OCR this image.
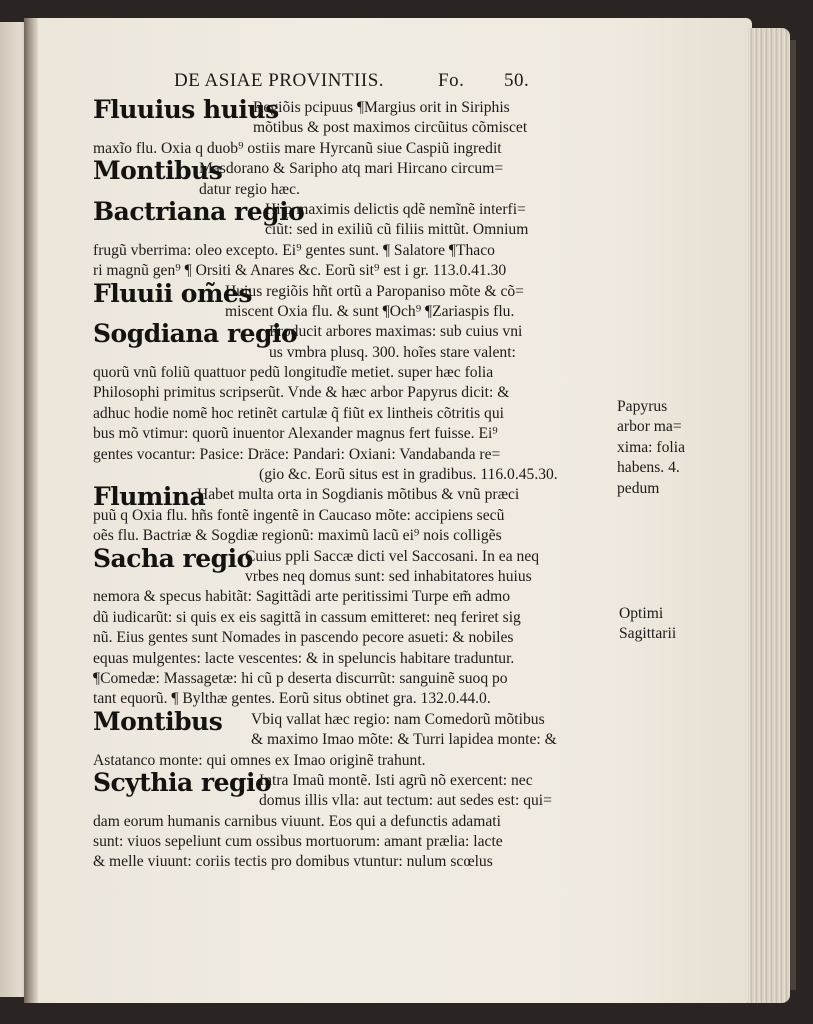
DE ASIAE PROVINTIIS.	Fo. 50.
Fluuius huius
Regiõis pcipuus ¶Margius orit in Siriphis
mõtibus & post maximos circũitus cõmiscet
maxĩo flu. Oxia q duob⁹ ostiis mare Hyrcanũ siue Caspiũ ingredit
Montibus
Masdorano & Sariphо atq mari Hircano circum=
datur regio hæc.
Bactriana regio
Hi p maximis delictis qdẽ nemĩnẽ interfi=
ciũt: sed in exiliũ cũ filiis mittũt. Omnium
frugũ vberrima: oleo excepto. Ei⁹ gentes sunt. ¶ Salatore ¶Thaco
ri magnũ gen⁹ ¶ Orsiti & Anares &c. Eorũ sit⁹ est i gr. 113.0.41.30
Fluuii om̃es
Huius regiõis hñt ortũ a Paropaniso mõte & cõ=
miscent Oxia flu. & sunt ¶Och⁹ ¶Zariaspis flu.
Sogdiana regio
Producit arbores maximas: sub cuius vni
us vmbra plusq. 300. hoĩes stare valent:
quorũ vnũ foliũ quattuor pedũ longitudĩe metiet. super hæc folia
Philosophi primitus scripserũt. Vnde & hæc arbor Papyrus dicit: &
adhuc hodie nomẽ hoc retinẽt cartulæ q̃ fiũt ex lintheis cõtritis qui
bus mõ vtimur: quorũ inuentor Alexander magnus fert fuisse. Ei⁹
gentes vocantur: Pasice: Dräce: Pandari: Oxiani: Vandabanda re=
(gio &c. Eorũ situs est in gradibus. 116.0.45.30.
Flumina
Habet multa orta in Sogdianis mõtibus & vnũ præci
puũ q Oxia flu. hñs fontẽ ingentẽ in Caucaso mõte: accipiens secũ
oẽs flu. Bactriæ & Sogdiæ regionũ: maximũ lacũ ei⁹ nois colligẽs
Sacha regio
Cuius ppli Saccæ dicti vel Saccosani. In ea neq
vrbes neq domus sunt: sed inhabitatores huius
nemora & specus habitãt: Sagittãdi arte peritissimi Turpe em̃ admo
dũ iudicarũt: si quis ex eis sagittã in cassum emitteret: neq feriret sig
nũ. Eius gentes sunt Nomades in pascendo pecore asueti: & nobiles
equas mulgentes: lacte vescentes: & in speluncis habitare traduntur.
¶Comedæ: Massagetæ: hi cũ p deserta discurrũt: sanguinẽ suoq po
tant equorũ. ¶ Bylthæ gentes. Eorũ situs obtinet gra. 132.0.44.0.
Montibus Vbiq vallat hæc regio: nam Comedorũ mõtibus
& maximo Imao mõte: & Turri lapidea monte: &
Astatanco monte: qui omnes ex Imao originẽ trahunt.
Scythia regio
Intra Imaũ montẽ. Isti agrũ nõ exercent: nec
domus illis vlla: aut tectum: aut sedes est: qui=
dam eorum humanis carnibus viuunt. Eos qui a defunctis adamati
sunt: viuos sepeliunt cum ossibus mortuorum: amant prælia: lacte
& melle viuunt: coriis tectis pro domibus vtuntur: nulum scœlus
Papyrus
arbor ma=
xima: folia
habens. 4.
pedum
Optimi
Sagittarii
